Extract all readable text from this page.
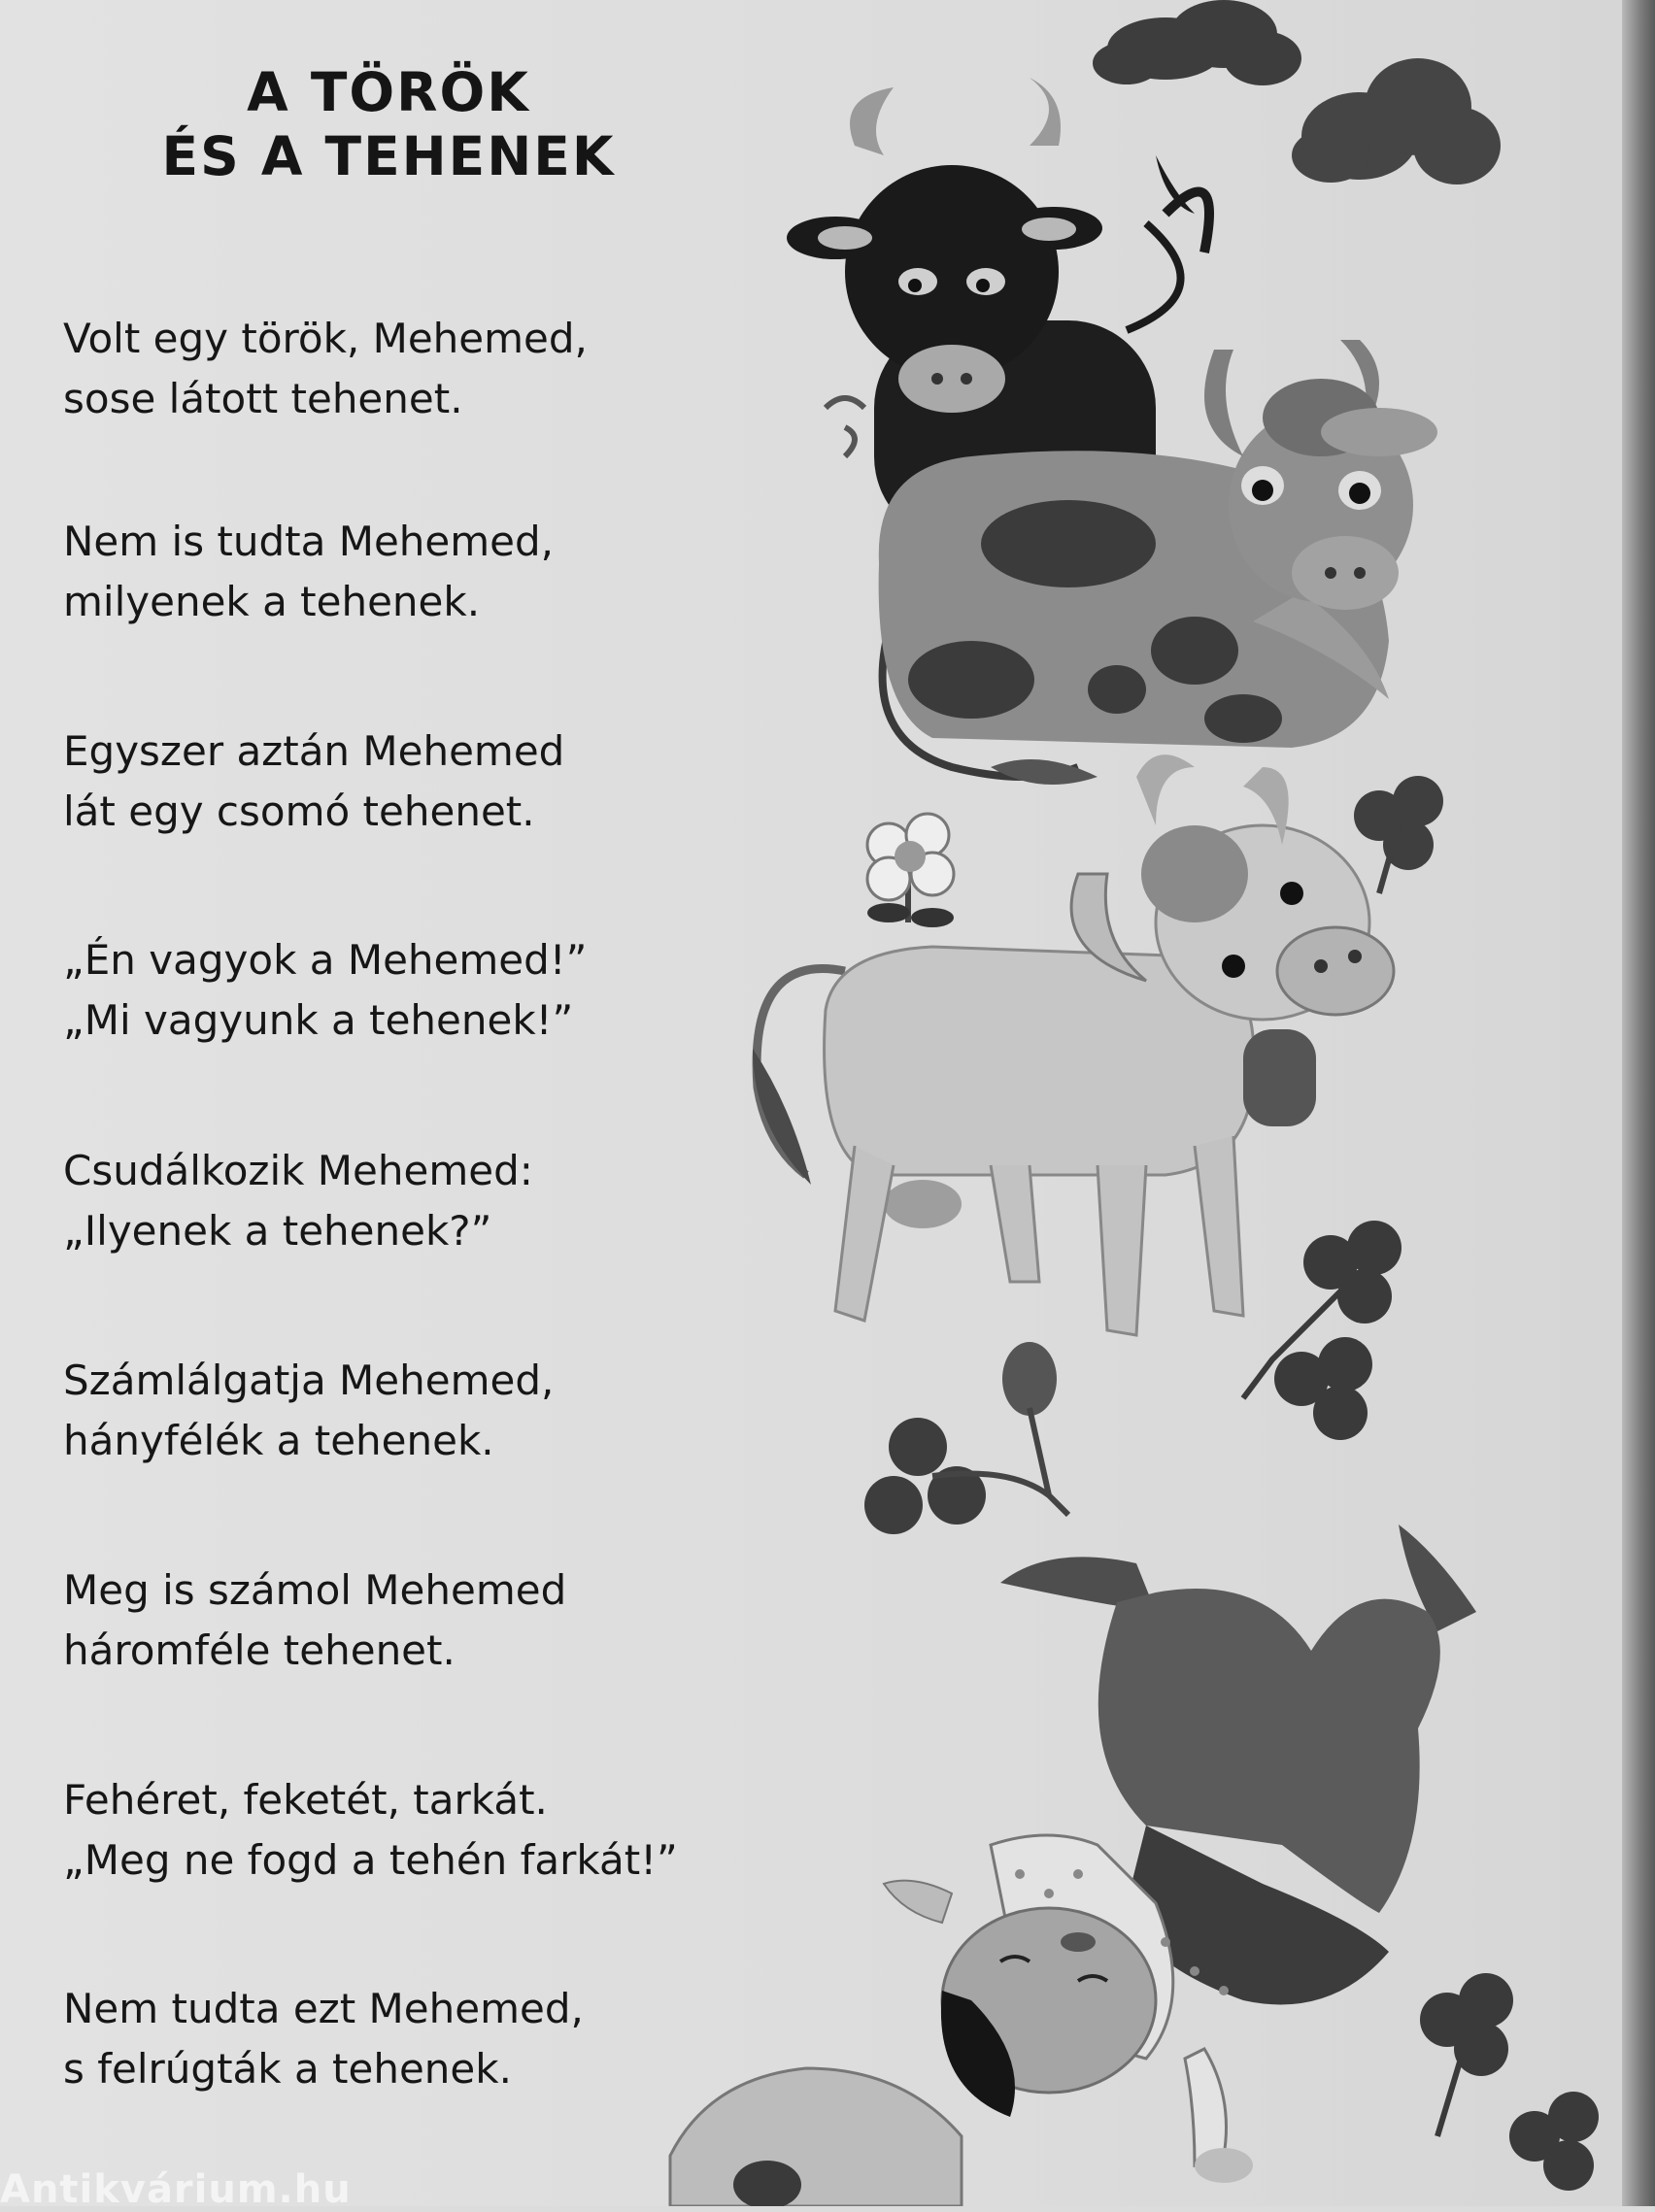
A TÖRÖK
ÉS A TEHENEK
Volt egy török, Mehemed,
sose látott tehenet.
Nem is tudta Mehemed,
milyenek a tehenek.
Egyszer aztán Mehemed
lát egy csomó tehenet.
„Én vagyok a Mehemed!”
„Mi vagyunk a tehenek!”
Csudálkozik Mehemed:
„Ilyenek a tehenek?”
Számlálgatja Mehemed,
hányfélék a tehenek.
Meg is számol Mehemed
háromféle tehenet.
Fehéret, feketét, tarkát.
„Meg ne fogd a tehén farkát!”
Nem tudta ezt Mehemed,
s felrúgták a tehenek.
Antikvárium.hu
